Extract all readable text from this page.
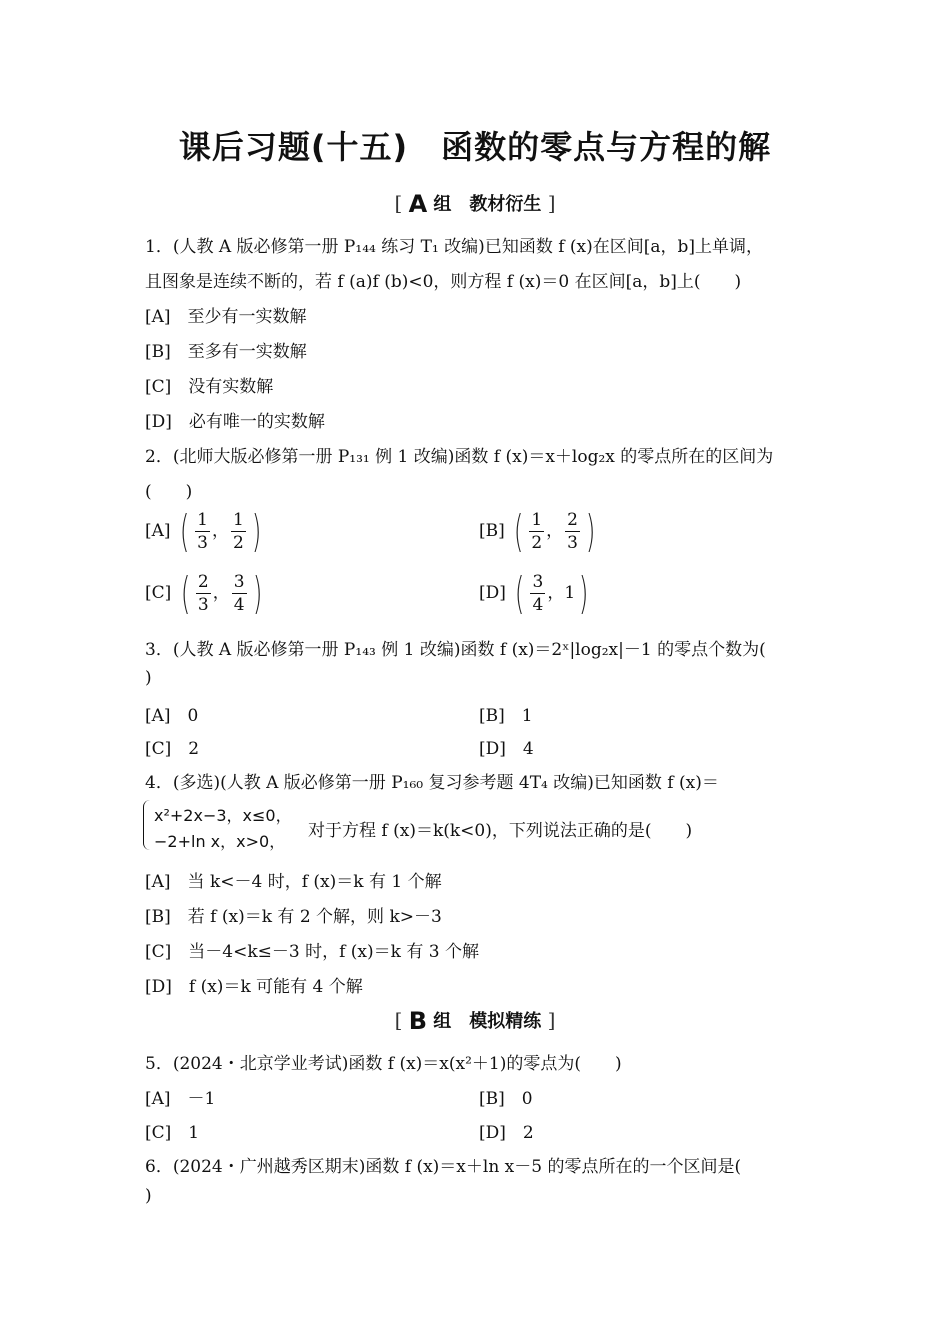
课后习题(十五)　函数的零点与方程的解
[ A 组　教材衍生 ]
1．(人教 A 版必修第一册 P₁₄₄ 练习 T₁ 改编)已知函数 f (x)在区间[a，b]上单调，
且图象是连续不断的，若 f (a)f (b)<0，则方程 f (x)＝0 在区间[a，b]上(　　)
[A]　至少有一实数解
[B]　至多有一实数解
[C]　没有实数解
[D]　必有唯一的实数解
2．(北师大版必修第一册 P₁₃₁ 例 1 改编)函数 f (x)＝x＋log₂x 的零点所在的区间为
(　　)
[A] ( $\frac{1}{3}$ ， $\frac{1}{2}$ )	[B] ( $\frac{1}{2}$ ， $\frac{2}{3}$ )
[C] ( $\frac{2}{3}$ ， $\frac{3}{4}$ )	[D] ( $\frac{3}{4}$ ，1)
3．(人教 A 版必修第一册 P₁₄₃ 例 1 改编)函数 f (x)＝2ˣ|log₂x|－1 的零点个数为(
)
[A]　0	[B]　1
[C]　2	[D]　4
4．(多选)(人教 A 版必修第一册 P₁₆₀ 复习参考题 4T₄ 改编)已知函数 f (x)＝
x²+2x−3，x≤0，
−2+ln x，x>0，
对于方程 f (x)＝k(k<0)，下列说法正确的是(　　)
[A]　当 k<－4 时，f (x)＝k 有 1 个解
[B]　若 f (x)＝k 有 2 个解，则 k>－3
[C]　当－4<k≤－3 时，f (x)＝k 有 3 个解
[D]　f (x)＝k 可能有 4 个解
[ B 组　模拟精练 ]
5．(2024・北京学业考试)函数 f (x)＝x(x²＋1)的零点为(　　)
[A]　－1	[B]　0
[C]　1	[D]　2
6．(2024・广州越秀区期末)函数 f (x)＝x＋ln x－5 的零点所在的一个区间是(
)
